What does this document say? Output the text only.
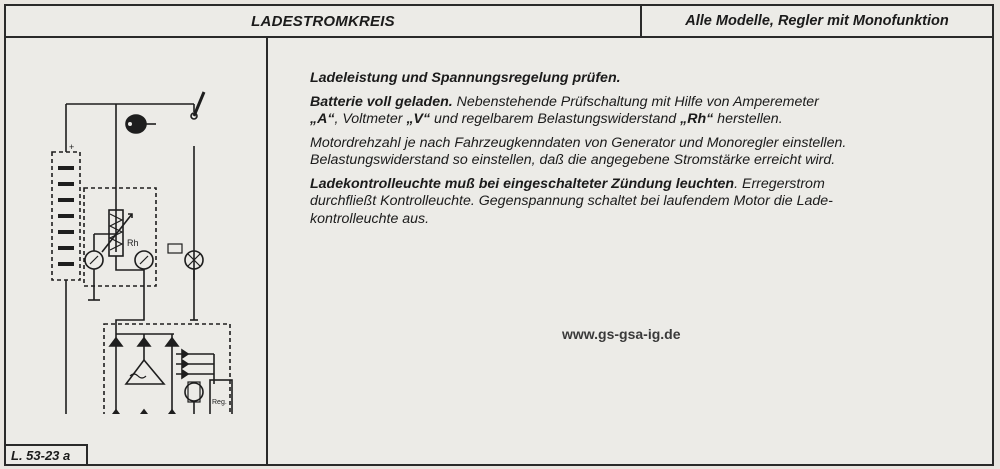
LADESTROMKREIS	Alle Modelle, Regler mit Monofunktion
+
Rh
Reg.
L. 53-23 a

Ladeleistung und Spannungsregelung prüfen.

Batterie voll geladen. Nebenstehende Prüfschaltung mit Hilfe von Amperemeter
„A“, Voltmeter „V“ und regelbarem Belastungswiderstand „Rh“ herstellen.

Motordrehzahl je nach Fahrzeugkenndaten von Generator und Monoregler einstellen.
Belastungswiderstand so einstellen, daß die angegebene Stromstärke erreicht wird.

Ladekontrolleuchte muß bei eingeschalteter Zündung leuchten. Erregerstrom
durchfließt Kontrolleuchte. Gegenspannung schaltet bei laufendem Motor die Lade-
kontrolleuchte aus.

www.gs-gsa-ig.de
